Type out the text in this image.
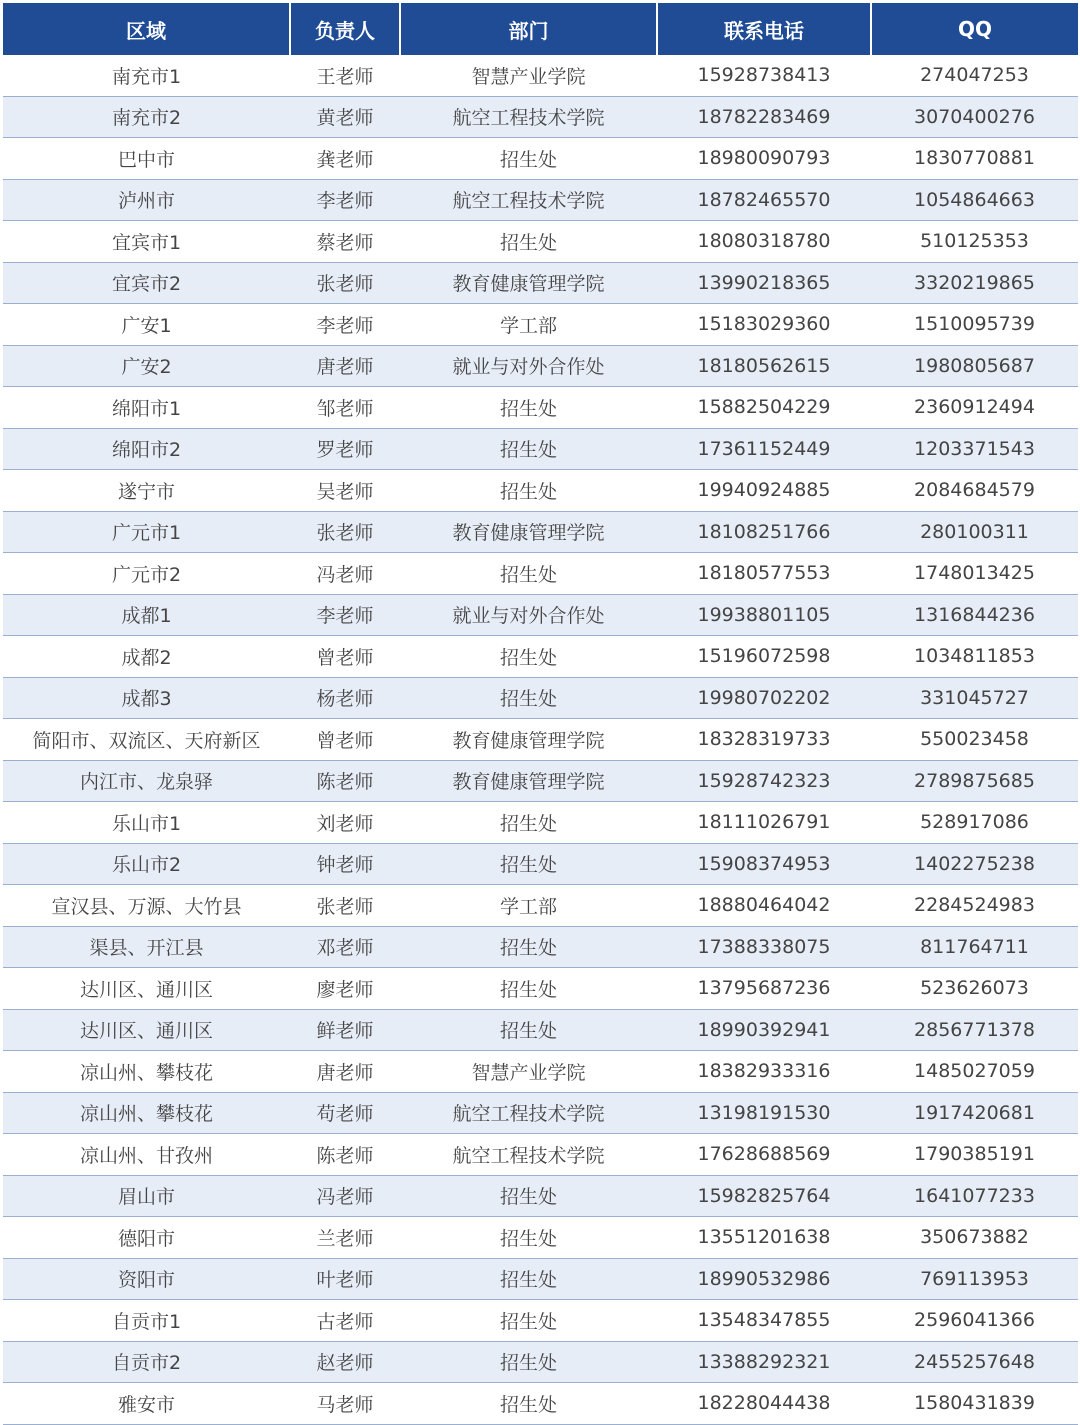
区域	负责人	部门	联系电话	QQ
南充市1	王老师	智慧产业学院	15928738413	274047253
南充市2	黄老师	航空工程技术学院	18782283469	3070400276
巴中市	龚老师	招生处	18980090793	1830770881
泸州市	李老师	航空工程技术学院	18782465570	1054864663
宜宾市1	蔡老师	招生处	18080318780	510125353
宜宾市2	张老师	教育健康管理学院	13990218365	3320219865
广安1	李老师	学工部	15183029360	1510095739
广安2	唐老师	就业与对外合作处	18180562615	1980805687
绵阳市1	邹老师	招生处	15882504229	2360912494
绵阳市2	罗老师	招生处	17361152449	1203371543
遂宁市	吴老师	招生处	19940924885	2084684579
广元市1	张老师	教育健康管理学院	18108251766	280100311
广元市2	冯老师	招生处	18180577553	1748013425
成都1	李老师	就业与对外合作处	19938801105	1316844236
成都2	曾老师	招生处	15196072598	1034811853
成都3	杨老师	招生处	19980702202	331045727
简阳市、双流区、天府新区	曾老师	教育健康管理学院	18328319733	550023458
内江市、龙泉驿	陈老师	教育健康管理学院	15928742323	2789875685
乐山市1	刘老师	招生处	18111026791	528917086
乐山市2	钟老师	招生处	15908374953	1402275238
宣汉县、万源、大竹县	张老师	学工部	18880464042	2284524983
渠县、开江县	邓老师	招生处	17388338075	811764711
达川区、通川区	廖老师	招生处	13795687236	523626073
达川区、通川区	鲜老师	招生处	18990392941	2856771378
凉山州、攀枝花	唐老师	智慧产业学院	18382933316	1485027059
凉山州、攀枝花	苟老师	航空工程技术学院	13198191530	1917420681
凉山州、甘孜州	陈老师	航空工程技术学院	17628688569	1790385191
眉山市	冯老师	招生处	15982825764	1641077233
德阳市	兰老师	招生处	13551201638	350673882
资阳市	叶老师	招生处	18990532986	769113953
自贡市1	古老师	招生处	13548347855	2596041366
自贡市2	赵老师	招生处	13388292321	2455257648
雅安市	马老师	招生处	18228044438	1580431839
